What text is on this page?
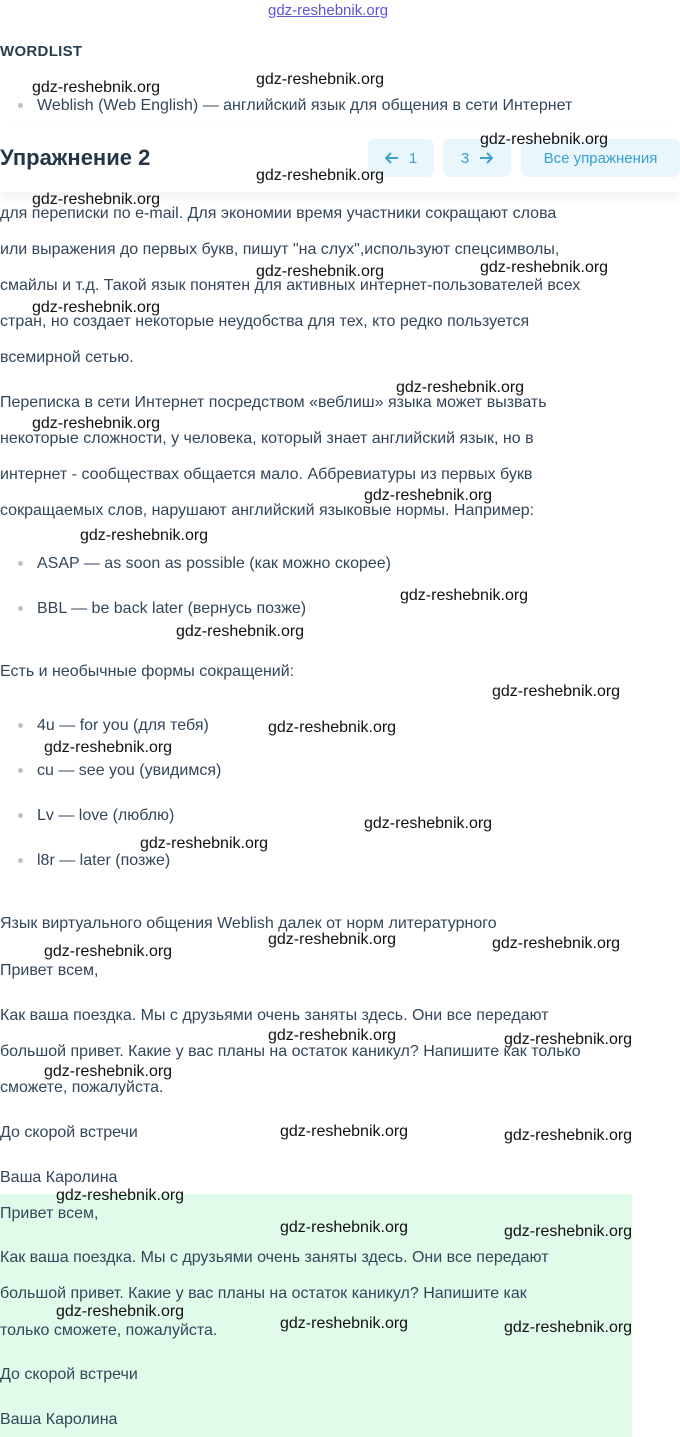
gdz-reshebnik.org
WORDLIST
Weblish (Web English) — английский язык для общения в сети Интернет
Упражнение 2	1	3	Все упражнения
для переписки по e-mail. Для экономии время участники сокращают слова
или выражения до первых букв, пишут "на слух",используют спецсимволы,
смайлы и т.д. Такой язык понятен для активных интернет-пользователей всех
стран, но создает некоторые неудобства для тех, кто редко пользуется
всемирной сетью.
Переписка в сети Интернет посредством «веблиш» языка может вызвать
некоторые сложности, у человека, который знает английский язык, но в
интернет - сообществах общается мало. Аббревиатуры из первых букв
сокращаемых слов, нарушают английский языковые нормы. Например:
ASAP — as soon as possible (как можно скорее)
BBL — be back later (вернусь позже)
Есть и необычные формы сокращений:
4u — for you (для тебя)
cu — see you (увидимся)
Lv — love (люблю)
l8r — later (позже)
Язык виртуального общения Weblish далек от норм литературного
Привет всем,
Как ваша поездка. Мы с друзьями очень заняты здесь. Они все передают
большой привет. Какие у вас планы на остаток каникул? Напишите как только
сможете, пожалуйста.
До скорой встречи
Ваша Каролина
Привет всем,
Как ваша поездка. Мы с друзьями очень заняты здесь. Они все передают
большой привет. Какие у вас планы на остаток каникул? Напишите как
только сможете, пожалуйста.
До скорой встречи
Ваша Каролина
gdz-reshebnik.org	gdz-reshebnik.org
gdz-reshebnik.org
gdz-reshebnik.org
gdz-reshebnik.org
gdz-reshebnik.org	gdz-reshebnik.org
gdz-reshebnik.org
gdz-reshebnik.org
gdz-reshebnik.org
gdz-reshebnik.org
gdz-reshebnik.org
gdz-reshebnik.org
gdz-reshebnik.org
gdz-reshebnik.org
gdz-reshebnik.org
gdz-reshebnik.org
gdz-reshebnik.org
gdz-reshebnik.org
gdz-reshebnik.org	gdz-reshebnik.org
gdz-reshebnik.org
gdz-reshebnik.org	gdz-reshebnik.org
gdz-reshebnik.org
gdz-reshebnik.org	gdz-reshebnik.org
gdz-reshebnik.org
gdz-reshebnik.org	gdz-reshebnik.org
gdz-reshebnik.org
gdz-reshebnik.org	gdz-reshebnik.org
